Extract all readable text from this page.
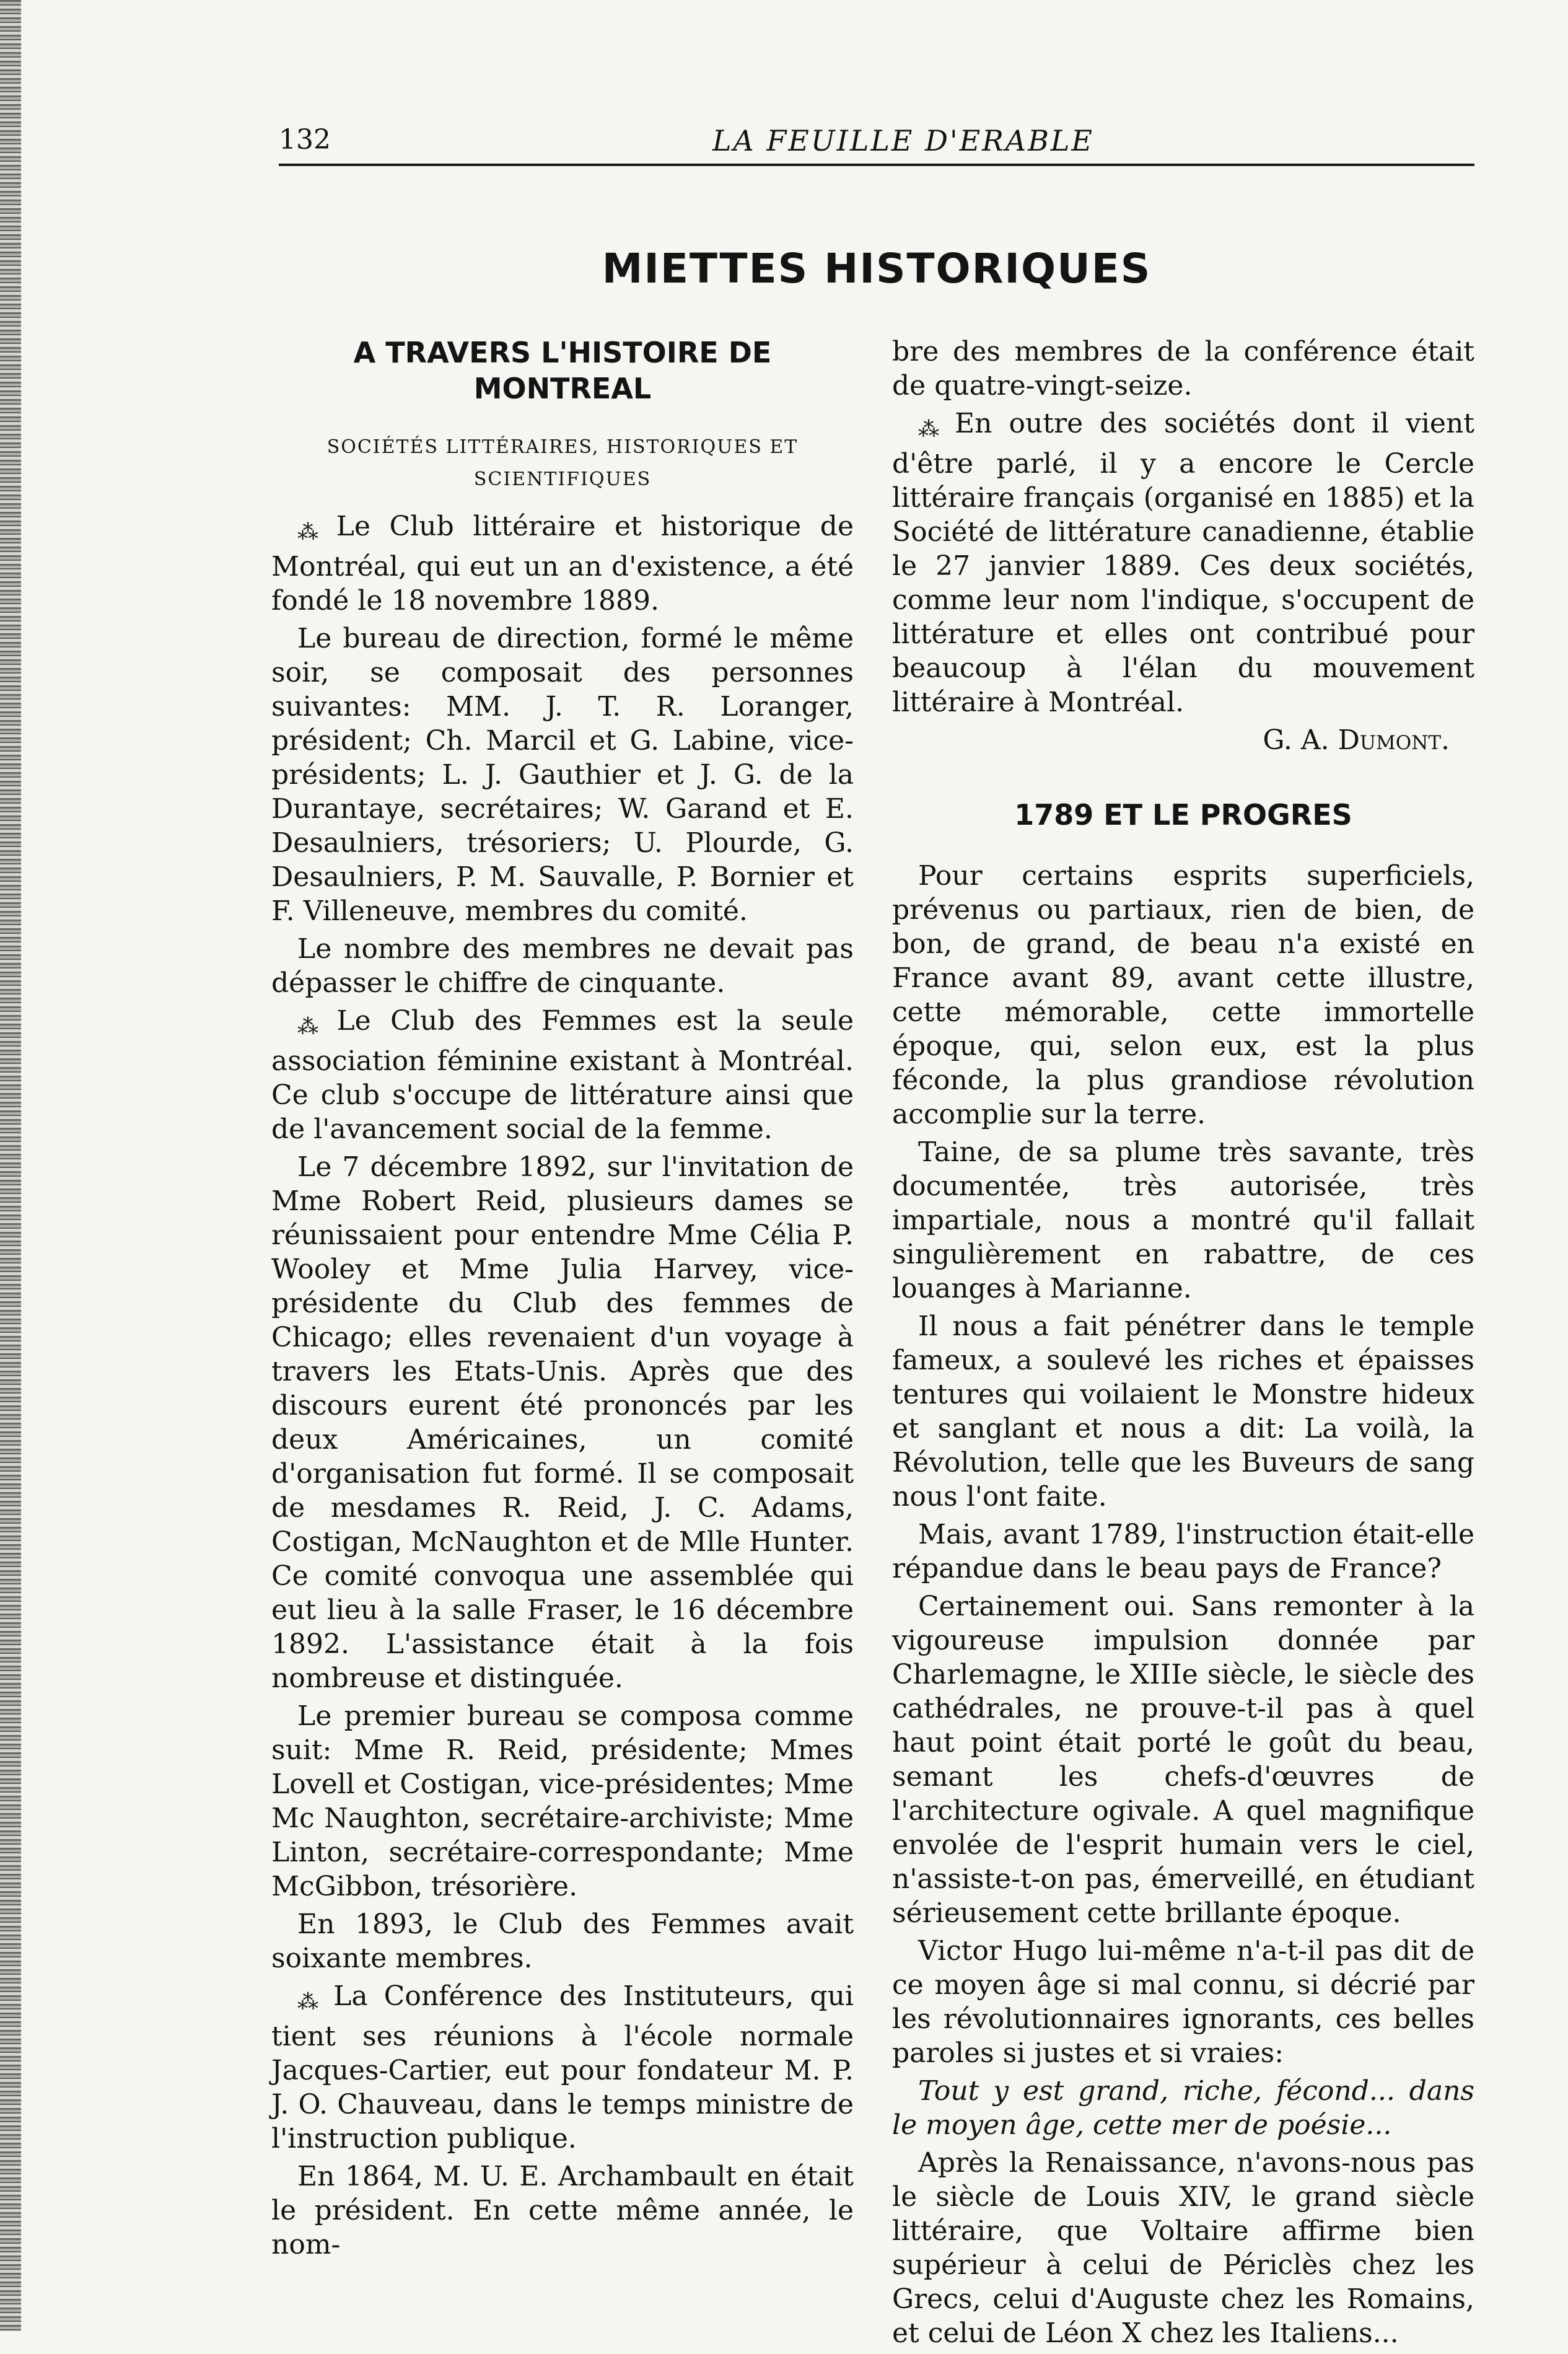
132	LA FEUILLE D'ERABLE
MIETTES HISTORIQUES
A TRAVERS L'HISTOIRE DE MONTREAL
SOCIÉTÉS LITTÉRAIRES, HISTORIQUES ET SCIENTIFIQUES

⁂ Le Club littéraire et historique de Montréal, qui eut un an d'existence, a été fondé le 18 novembre 1889.

Le bureau de direction, formé le même soir, se composait des personnes suivantes: MM. J. T. R. Loranger, président; Ch. Marcil et G. Labine, vice-présidents; L. J. Gauthier et J. G. de la Durantaye, secrétaires; W. Garand et E. Desaulniers, trésoriers; U. Plourde, G. Desaulniers, P. M. Sauvalle, P. Bornier et F. Villeneuve, membres du comité.

Le nombre des membres ne devait pas dépasser le chiffre de cinquante.

⁂ Le Club des Femmes est la seule association féminine existant à Montréal. Ce club s'occupe de littérature ainsi que de l'avancement social de la femme.

Le 7 décembre 1892, sur l'invitation de Mme Robert Reid, plusieurs dames se réunissaient pour entendre Mme Célia P. Wooley et Mme Julia Harvey, vice-présidente du Club des femmes de Chicago; elles revenaient d'un voyage à travers les Etats-Unis. Après que des discours eurent été prononcés par les deux Américaines, un comité d'organisation fut formé. Il se composait de mesdames R. Reid, J. C. Adams, Costigan, McNaughton et de Mlle Hunter. Ce comité convoqua une assemblée qui eut lieu à la salle Fraser, le 16 décembre 1892. L'assistance était à la fois nombreuse et distinguée.

Le premier bureau se composa comme suit: Mme R. Reid, présidente; Mmes Lovell et Costigan, vice-présidentes; Mme Mc Naughton, secrétaire-archiviste; Mme Linton, secrétaire-correspondante; Mme McGibbon, trésorière.

En 1893, le Club des Femmes avait soixante membres.

⁂ La Conférence des Instituteurs, qui tient ses réunions à l'école normale Jacques-Cartier, eut pour fondateur M. P. J. O. Chauveau, dans le temps ministre de l'instruction publique.

En 1864, M. U. E. Archambault en était le président. En cette même année, le nom-

bre des membres de la conférence était de quatre-vingt-seize.

⁂ En outre des sociétés dont il vient d'être parlé, il y a encore le Cercle littéraire français (organisé en 1885) et la Société de littérature canadienne, établie le 27 janvier 1889. Ces deux sociétés, comme leur nom l'indique, s'occupent de littérature et elles ont contribué pour beaucoup à l'élan du mouvement littéraire à Montréal.

G. A. Dumont.
1789 ET LE PROGRES

Pour certains esprits superficiels, prévenus ou partiaux, rien de bien, de bon, de grand, de beau n'a existé en France avant 89, avant cette illustre, cette mémorable, cette immortelle époque, qui, selon eux, est la plus féconde, la plus grandiose révolution accomplie sur la terre.

Taine, de sa plume très savante, très documentée, très autorisée, très impartiale, nous a montré qu'il fallait singulièrement en rabattre, de ces louanges à Marianne.

Il nous a fait pénétrer dans le temple fameux, a soulevé les riches et épaisses tentures qui voilaient le Monstre hideux et sanglant et nous a dit: La voilà, la Révolution, telle que les Buveurs de sang nous l'ont faite.

Mais, avant 1789, l'instruction était-elle répandue dans le beau pays de France?

Certainement oui. Sans remonter à la vigoureuse impulsion donnée par Charlemagne, le XIIIe siècle, le siècle des cathédrales, ne prouve-t-il pas à quel haut point était porté le goût du beau, semant les chefs-d'œuvres de l'architecture ogivale. A quel magnifique envolée de l'esprit humain vers le ciel, n'assiste-t-on pas, émerveillé, en étudiant sérieusement cette brillante époque.

Victor Hugo lui-même n'a-t-il pas dit de ce moyen âge si mal connu, si décrié par les révolutionnaires ignorants, ces belles paroles si justes et si vraies:

Tout y est grand, riche, fécond... dans le moyen âge, cette mer de poésie...

Après la Renaissance, n'avons-nous pas le siècle de Louis XIV, le grand siècle littéraire, que Voltaire affirme bien supérieur à celui de Périclès chez les Grecs, celui d'Auguste chez les Romains, et celui de Léon X chez les Italiens...
